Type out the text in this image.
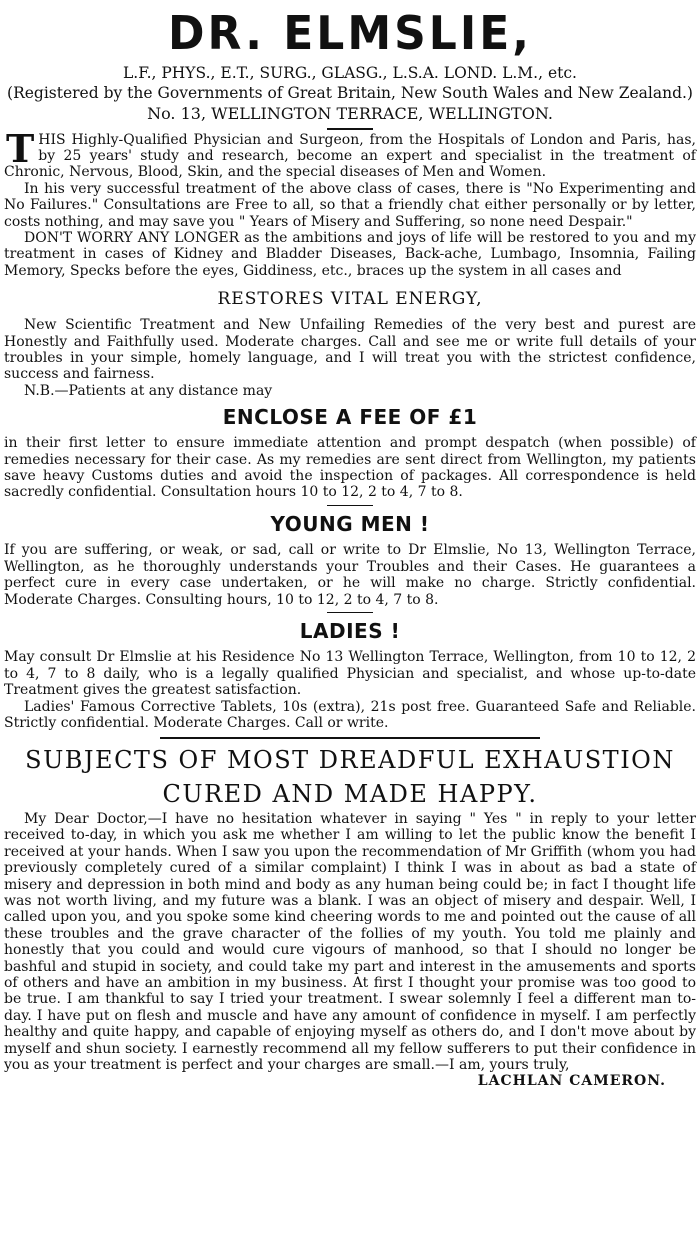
DR. ELMSLIE,
L.F., PHYS., E.T., SURG., GLASG., L.S.A. LOND. L.M., etc.
(Registered by the Governments of Great Britain, New South Wales and New Zealand.)
No. 13, WELLINGTON TERRACE, WELLINGTON.

THIS Highly-Qualified Physician and Surgeon, from the Hospitals of London and Paris, has, by 25 years' study and research, become an expert and specialist in the treatment of Chronic, Nervous, Blood, Skin, and the special diseases of Men and Women.

In his very successful treatment of the above class of cases, there is "No Experimenting and No Failures." Consultations are Free to all, so that a friendly chat either personally or by letter, costs nothing, and may save you " Years of Misery and Suffering, so none need Despair."

DON'T WORRY ANY LONGER as the ambitions and joys of life will be restored to you and my treatment in cases of Kidney and Bladder Diseases, Back-ache, Lumbago, Insomnia, Failing Memory, Specks before the eyes, Giddiness, etc., braces up the system in all cases and

RESTORES VITAL ENERGY,

New Scientific Treatment and New Unfailing Remedies of the very best and purest are Honestly and Faithfully used. Moderate charges. Call and see me or write full details of your troubles in your simple, homely language, and I will treat you with the strictest confidence, success and fairness.

N.B.—Patients at any distance may

ENCLOSE A FEE OF £1

in their first letter to ensure immediate attention and prompt despatch (when possible) of remedies necessary for their case. As my remedies are sent direct from Wellington, my patients save heavy Customs duties and avoid the inspection of packages. All correspondence is held sacredly confidential. Consultation hours 10 to 12, 2 to 4, 7 to 8.

YOUNG MEN !

If you are suffering, or weak, or sad, call or write to Dr Elmslie, No 13, Wellington Terrace, Wellington, as he thoroughly understands your Troubles and their Cases. He guarantees a perfect cure in every case undertaken, or he will make no charge. Strictly confidential. Moderate Charges. Consulting hours, 10 to 12, 2 to 4, 7 to 8.

LADIES !

May consult Dr Elmslie at his Residence No 13 Wellington Terrace, Wellington, from 10 to 12, 2 to 4, 7 to 8 daily, who is a legally qualified Physician and specialist, and whose up-to-date Treatment gives the greatest satisfaction.

Ladies' Famous Corrective Tablets, 10s (extra), 21s post free. Guaranteed Safe and Reliable. Strictly confidential. Moderate Charges. Call or write.

SUBJECTS OF MOST DREADFUL EXHAUSTION
CURED AND MADE HAPPY.

My Dear Doctor,—I have no hesitation whatever in saying " Yes " in reply to your letter received to-day, in which you ask me whether I am willing to let the public know the benefit I received at your hands. When I saw you upon the recommendation of Mr Griffith (whom you had previously completely cured of a similar complaint) I think I was in about as bad a state of misery and depression in both mind and body as any human being could be; in fact I thought life was not worth living, and my future was a blank. I was an object of misery and despair. Well, I called upon you, and you spoke some kind cheering words to me and pointed out the cause of all these troubles and the grave character of the follies of my youth. You told me plainly and honestly that you could and would cure vigours of manhood, so that I should no longer be bashful and stupid in society, and could take my part and interest in the amusements and sports of others and have an ambition in my business. At first I thought your promise was too good to be true. I am thankful to say I tried your treatment. I swear solemnly I feel a different man to-day. I have put on flesh and muscle and have any amount of confidence in myself. I am perfectly healthy and quite happy, and capable of enjoying myself as others do, and I don't move about by myself and shun society. I earnestly recommend all my fellow sufferers to put their confidence in you as your treatment is perfect and your charges are small.—I am, yours truly,

LACHLAN CAMERON.
